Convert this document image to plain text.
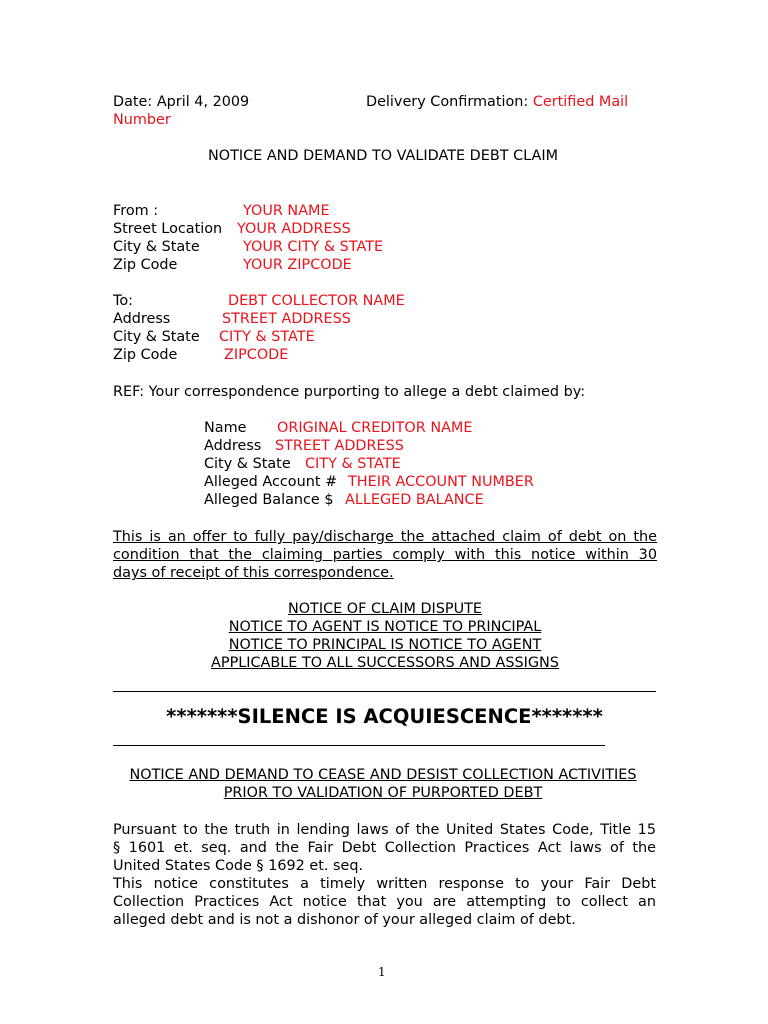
Date: April 4, 2009	Delivery Confirmation: Certified Mail
Number
NOTICE AND DEMAND TO VALIDATE DEBT CLAIM
From :	YOUR NAME
Street Location YOUR ADDRESS
City & State	YOUR CITY & STATE
Zip Code	YOUR ZIPCODE
To:	DEBT COLLECTOR NAME
Address	STREET ADDRESS
City & State CITY & STATE
Zip Code	ZIPCODE
REF: Your correspondence purporting to allege a debt claimed by:
Name ORIGINAL CREDITOR NAME
Address STREET ADDRESS
City & State CITY & STATE
Alleged Account # THEIR ACCOUNT NUMBER
Alleged Balance $ ALLEGED BALANCE
This is an offer to fully pay/discharge the attached claim of debt on the
condition that the claiming parties comply with this notice within 30
days of receipt of this correspondence.
NOTICE OF CLAIM DISPUTE
NOTICE TO AGENT IS NOTICE TO PRINCIPAL
NOTICE TO PRINCIPAL IS NOTICE TO AGENT
APPLICABLE TO ALL SUCCESSORS AND ASSIGNS
*******SILENCE IS ACQUIESCENCE*******
NOTICE AND DEMAND TO CEASE AND DESIST COLLECTION ACTIVITIES
PRIOR TO VALIDATION OF PURPORTED DEBT
Pursuant to the truth in lending laws of the United States Code, Title 15
§ 1601 et. seq. and the Fair Debt Collection Practices Act laws of the
United States Code § 1692 et. seq.
This notice constitutes a timely written response to your Fair Debt
Collection Practices Act notice that you are attempting to collect an
alleged debt and is not a dishonor of your alleged claim of debt.
1
